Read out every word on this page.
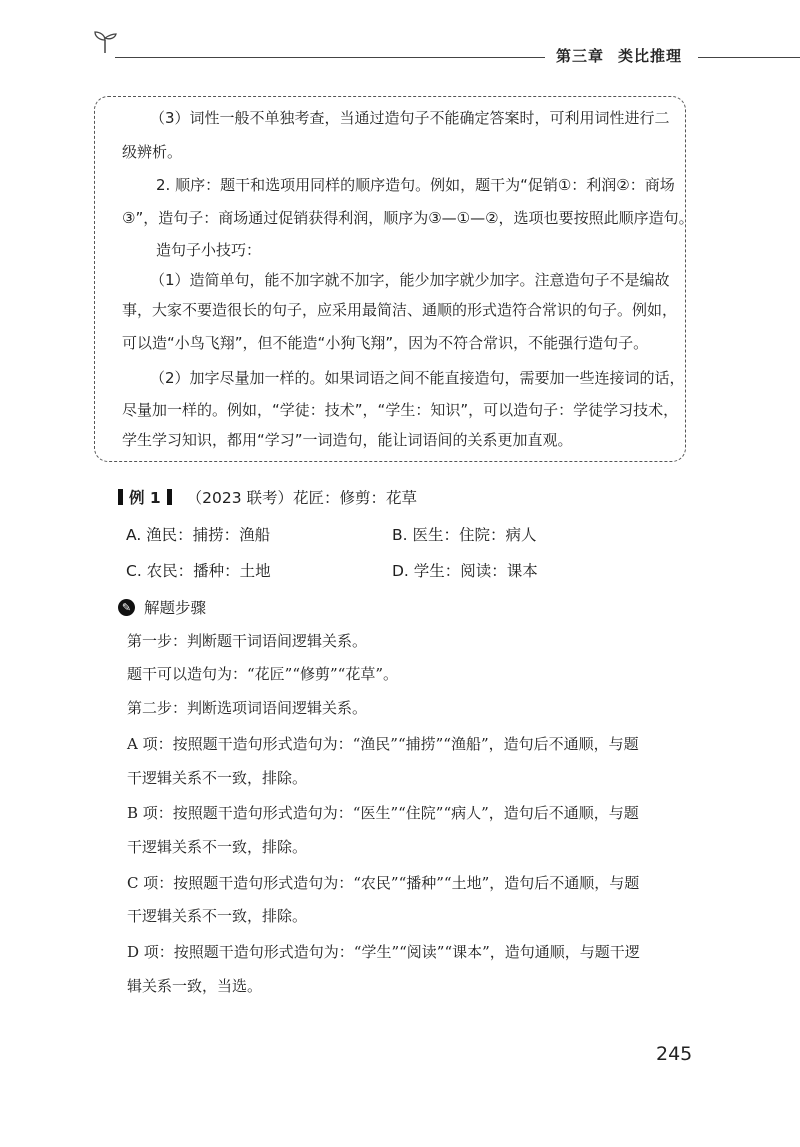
第三章 类比推理
（3）词性一般不单独考查，当通过造句子不能确定答案时，可利用词性进行二
级辨析。
2. 顺序：题干和选项用同样的顺序造句。例如，题干为“促销①：利润②：商场
③”，造句子：商场通过促销获得利润，顺序为③—①—②，选项也要按照此顺序造句。
造句子小技巧：
（1）造简单句，能不加字就不加字，能少加字就少加字。注意造句子不是编故
事，大家不要造很长的句子，应采用最简洁、通顺的形式造符合常识的句子。例如，
可以造“小鸟飞翔”，但不能造“小狗飞翔”，因为不符合常识，不能强行造句子。
（2）加字尽量加一样的。如果词语之间不能直接造句，需要加一些连接词的话，
尽量加一样的。例如，“学徒：技术”，“学生：知识”，可以造句子：学徒学习技术，
学生学习知识，都用“学习”一词造句，能让词语间的关系更加直观。
例 1 （2023 联考）花匠：修剪：花草
A. 渔民：捕捞：渔船	B. 医生：住院：病人
C. 农民：播种：土地	D. 学生：阅读：课本
✎ 解题步骤
第一步：判断题干词语间逻辑关系。
题干可以造句为：“花匠”“修剪”“花草”。
第二步：判断选项词语间逻辑关系。
A 项：按照题干造句形式造句为：“渔民”“捕捞”“渔船”，造句后不通顺，与题
干逻辑关系不一致，排除。
B 项：按照题干造句形式造句为：“医生”“住院”“病人”，造句后不通顺，与题
干逻辑关系不一致，排除。
C 项：按照题干造句形式造句为：“农民”“播种”“土地”，造句后不通顺，与题
干逻辑关系不一致，排除。
D 项：按照题干造句形式造句为：“学生”“阅读”“课本”，造句通顺，与题干逻
辑关系一致，当选。
245
